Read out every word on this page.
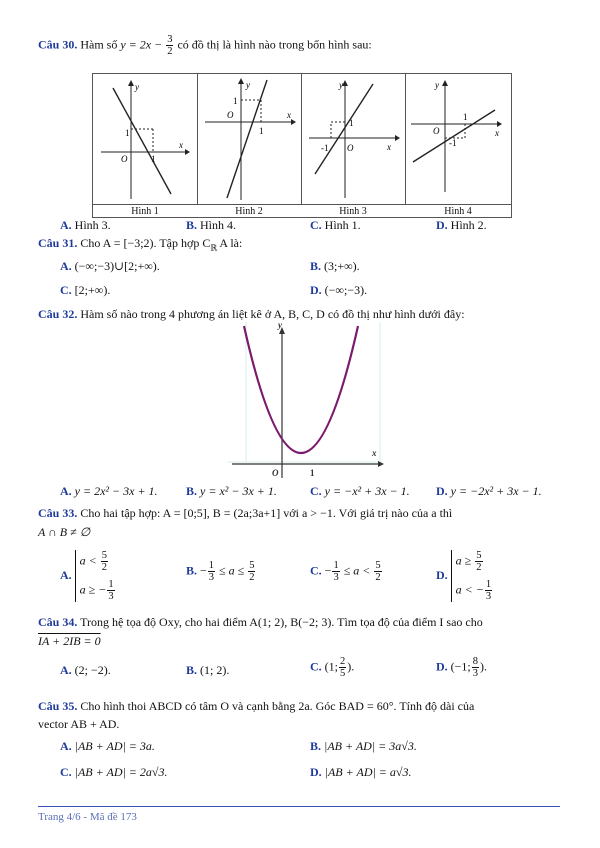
Câu 30. Hàm số $y = 2x - \frac{3}{2}$ có đồ thị là hình nào trong bốn hình sau:
y
1
O	1
x
y
1
O
1
x
y
1
-1 O	x
y
O
1
-1
x
Hình 1	Hình 2	Hình 3	Hình 4
A. Hình 3.	B. Hình 4.	C. Hình 1.	D. Hình 2.
Câu 31. Cho A = [−3;2). Tập hợp $C_ℝ$ A là:
A. (−∞;−3)∪[2;+∞).	B. (3;+∞).
C. [2;+∞).	D. (−∞;−3).
Câu 32. Hàm số nào trong 4 phương án liệt kê ở A, B, C, D có đồ thị như hình dưới đây:
y
O	1
x
A. y = 2x² − 3x + 1. B. y = x² − 3x + 1.	C. y = −x² + 3x − 1. D. y = −2x² + 3x − 1.
Câu 33. Cho hai tập hợp: A = [0;5], B = (2a;3a+1] với a > −1. Với giá trị nào của a thì
A ∩ B ≠ ∅
A.
$a < \frac{5}{2}$
a ≥ − $\frac{1}{3}$
B. − $\frac{1}{3} \le a \le \frac{5}{2}$	C. − $\frac{1}{3} \le a < \frac{5}{2}$	D.
$a \ge \frac{5}{2}$
a < − $\frac{1}{3}$
Câu 34. Trong hệ tọa độ Oxy, cho hai điểm A(1; 2), B(−2; 3). Tìm tọa độ của điểm I sao cho
IA + 2IB = 0
A. (2; −2).	B. (1; 2).	C. (1; $\frac{2}{5}$ ).	D. (−1; $\frac{8}{3}$ ).
Câu 35. Cho hình thoi ABCD có tâm O và cạnh bằng 2a. Góc BAD = 60°. Tính độ dài của
vector AB + AD.
A. |AB + AD| = 3a.	B. |AB + AD| = 3a√3.
C. |AB + AD| = 2a√3.	D. |AB + AD| = a√3.
Trang 4/6 - Mã đề 173
